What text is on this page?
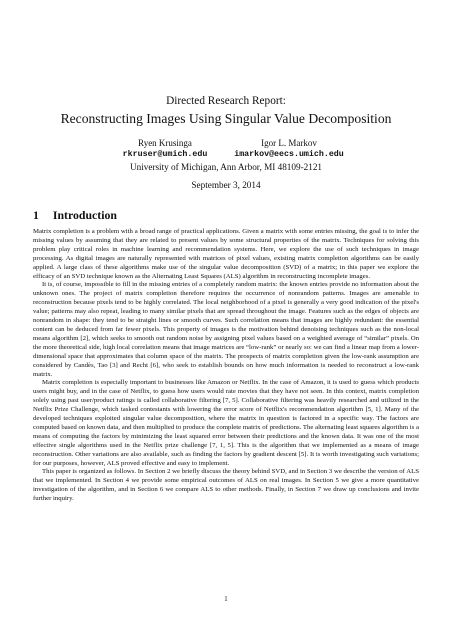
Directed Research Report:
Reconstructing Images Using Singular Value Decomposition
Ryen Krusinga
rkruser@umich.edu
Igor L. Markov
imarkov@eecs.umich.edu
University of Michigan, Ann Arbor, MI 48109-2121
September 3, 2014
1 Introduction

Matrix completion is a problem with a broad range of practical applications. Given a matrix with some entries missing, the goal is to infer the missing values by assuming that they are related to present values by some structural properties of the matrix. Techniques for solving this problem play critical roles in machine learning and recommendation systems. Here, we explore the use of such techniques in image processing. As digital images are naturally represented with matrices of pixel values, existing matrix completion algorithms can be easily applied. A large class of these algorithms make use of the singular value decomposition (SVD) of a matrix; in this paper we explore the efficacy of an SVD technique known as the Alternating Least Squares (ALS) algorithm in reconstructing incomplete images.

It is, of course, impossible to fill in the missing entries of a completely random matrix: the known entries provide no information about the unknown ones. The project of matrix completion therefore requires the occurrence of nonrandom patterns. Images are amenable to reconstruction because pixels tend to be highly correlated. The local neighborhood of a pixel is generally a very good indication of the pixel's value; patterns may also repeat, leading to many similar pixels that are spread throughout the image. Features such as the edges of objects are nonrandom in shape: they tend to be straight lines or smooth curves. Such correlation means that images are highly redundant: the essential content can be deduced from far fewer pixels. This property of images is the motivation behind denoising techniques such as the non-local means algorithm [2], which seeks to smooth out random noise by assigning pixel values based on a weighted average of “similar” pixels. On the more theoretical side, high local correlation means that image matrices are “low-rank” or nearly so: we can find a linear map from a lower-dimensional space that approximates that column space of the matrix. The prospects of matrix completion given the low-rank assumption are considered by Candès, Tao [3] and Recht [6], who seek to establish bounds on how much information is needed to reconstruct a low-rank matrix.

Matrix completion is especially important to businesses like Amazon or Netflix. In the case of Amazon, it is used to guess which products users might buy, and in the case of Netflix, to guess how users would rate movies that they have not seen. In this context, matrix completion solely using past user/product ratings is called collaborative filtering [7, 5]. Collaborative filtering was heavily researched and utilized in the Netflix Prize Challenge, which tasked contestants with lowering the error score of Netflix's recommendation algorithm [5, 1]. Many of the developed techniques exploited singular value decomposition, where the matrix in question is factored in a specific way. The factors are computed based on known data, and then multiplied to produce the complete matrix of predictions. The alternating least squares algorithm is a means of computing the factors by minimizing the least squared error between their predictions and the known data. It was one of the most effective single algorithms used in the Netflix prize challenge [7, 1, 5]. This is the algorithm that we implemented as a means of image reconstruction. Other variations are also available, such as finding the factors by gradient descent [5]. It is worth investigating such variations; for our purposes, however, ALS proved effective and easy to implement.

This paper is organized as follows. In Section 2 we briefly discuss the theory behind SVD, and in Section 3 we describe the version of ALS that we implemented. In Section 4 we provide some empirical outcomes of ALS on real images. In Section 5 we give a more quantitative investigation of the algorithm, and in Section 6 we compare ALS to other methods. Finally, in Section 7 we draw up conclusions and invite further inquiry.

1
